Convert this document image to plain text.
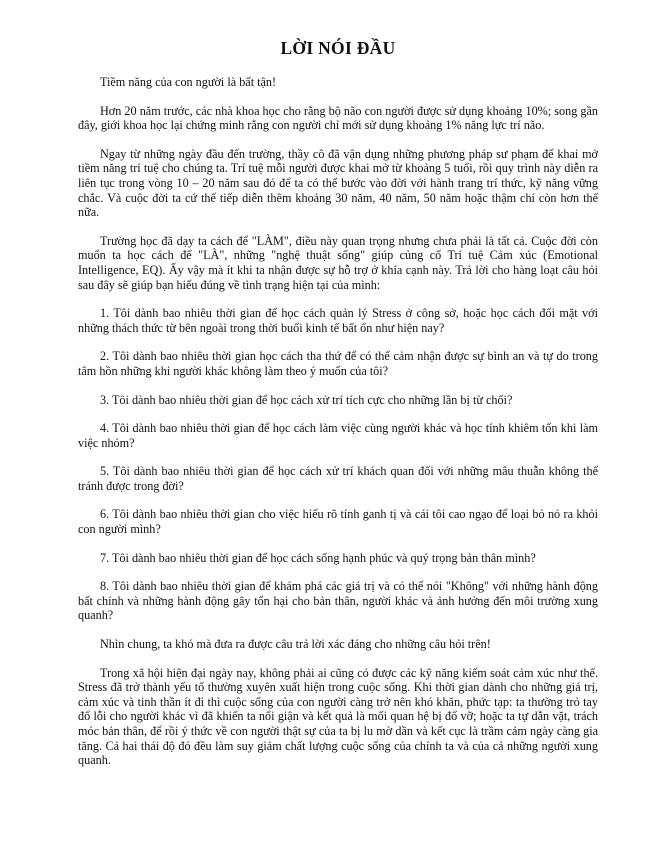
LỜI NÓI ĐẦU

Tiềm năng của con người là bất tận!

Hơn 20 năm trước, các nhà khoa học cho rằng bộ não con người được sử dụng khoảng 10%; song gần đây, giới khoa học lại chứng minh rằng con người chỉ mới sử dụng khoảng 1% năng lực trí não.

Ngay từ những ngày đầu đến trường, thầy cô đã vận dụng những phương pháp sư phạm để khai mở tiềm năng trí tuệ cho chúng ta. Trí tuệ mỗi người được khai mở từ khoảng 5 tuổi, rồi quy trình này diễn ra liên tục trong vòng 10 – 20 năm sau đó để ta có thể bước vào đời với hành trang trí thức, kỹ năng vững chắc. Và cuộc đời ta cứ thế tiếp diễn thêm khoảng 30 năm, 40 năm, 50 năm hoặc thậm chí còn hơn thế nữa.

Trường học đã dạy ta cách để "LÀM", điều này quan trọng nhưng chưa phải là tất cả. Cuộc đời còn muốn ta học cách để "LÀ", những "nghệ thuật sống" giúp củng cố Trí tuệ Cảm xúc (Emotional Intelligence, EQ). Ấy vậy mà ít khi ta nhận được sự hỗ trợ ở khía cạnh này. Trả lời cho hàng loạt câu hỏi sau đây sẽ giúp bạn hiểu đúng về tình trạng hiện tại của mình:

1. Tôi dành bao nhiêu thời gian để học cách quản lý Stress ở công sở, hoặc học cách đối mặt với những thách thức từ bên ngoài trong thời buổi kinh tế bất ổn như hiện nay?

2. Tôi dành bao nhiêu thời gian học cách tha thứ để có thể cảm nhận được sự bình an và tự do trong tâm hồn những khi người khác không làm theo ý muốn của tôi?

3. Tôi dành bao nhiêu thời gian để học cách xử trí tích cực cho những lần bị từ chối?

4. Tôi dành bao nhiêu thời gian để học cách làm việc cùng người khác và học tính khiêm tốn khi làm việc nhóm?

5. Tôi dành bao nhiêu thời gian để học cách xử trí khách quan đối với những mâu thuẫn không thể tránh được trong đời?

6. Tôi dành bao nhiêu thời gian cho việc hiểu rõ tính ganh tị và cái tôi cao ngạo để loại bỏ nó ra khỏi con người mình?

7. Tôi dành bao nhiêu thời gian để học cách sống hạnh phúc và quý trọng bản thân mình?

8. Tôi dành bao nhiêu thời gian để khám phá các giá trị và có thể nói "Không" với những hành động bất chính và những hành động gây tổn hại cho bản thân, người khác và ảnh hưởng đến môi trường xung quanh?

Nhìn chung, ta khó mà đưa ra được câu trả lời xác đáng cho những câu hỏi trên!

Trong xã hội hiện đại ngày nay, không phải ai cũng có được các kỹ năng kiểm soát cảm xúc như thế. Stress đã trở thành yếu tố thường xuyên xuất hiện trong cuộc sống. Khi thời gian dành cho những giá trị, cảm xúc và tinh thần ít đi thì cuộc sống của con người càng trở nên khó khăn, phức tạp: ta thường trỏ tay đổ lỗi cho người khác vì đã khiến ta nổi giận và kết quả là mối quan hệ bị đổ vỡ; hoặc ta tự dằn vặt, trách móc bản thân, để rồi ý thức về con người thật sự của ta bị lu mờ dần và kết cục là trầm cảm ngày càng gia tăng. Cả hai thái độ đó đều làm suy giảm chất lượng cuộc sống của chính ta và của cả những người xung quanh.
